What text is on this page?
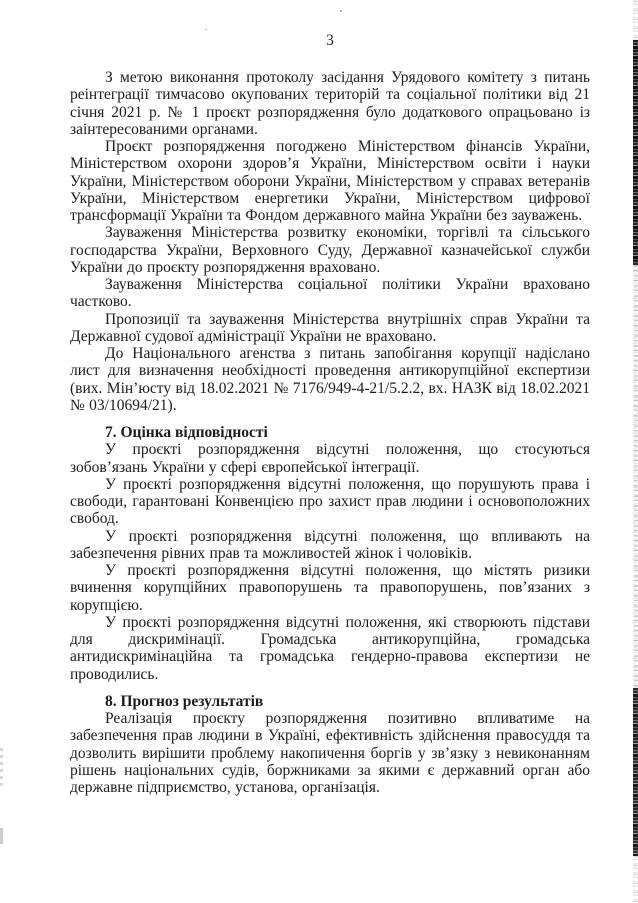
3

З метою виконання протоколу засідання Урядового комітету з питань реінтеграції тимчасово окупованих територій та соціальної політики від 21 січня 2021 р. № 1 проєкт розпорядження було додаткового опрацьовано із заінтересованими органами.

Проєкт розпорядження погоджено Міністерством фінансів України, Міністерством охорони здоров’я України, Міністерством освіти і науки України, Міністерством оборони України, Міністерством у справах ветеранів України, Міністерством енергетики України, Міністерством цифрової трансформації України та Фондом державного майна України без зауважень.

Зауваження Міністерства розвитку економіки, торгівлі та сільського господарства України, Верховного Суду, Державної казначейської служби України до проєкту розпорядження враховано.

Зауваження Міністерства соціальної політики України враховано частково.

Пропозиції та зауваження Міністерства внутрішніх справ України та Державної судової адміністрації України не враховано.

До Національного агенства з питань запобігання корупції надіслано лист для визначення необхідності проведення антикорупційної експертизи (вих. Мін’юсту від 18.02.2021 № 7176/949-4-21/5.2.2, вх. НАЗК від 18.02.2021 № 03/10694/21).

7. Оцінка відповідності

У проєкті розпорядження відсутні положення, що стосуються зобов’язань України у сфері європейської інтеграції.

У проєкті розпорядження відсутні положення, що порушують права і свободи, гарантовані Конвенцією про захист прав людини і основоположних свобод.

У проєкті розпорядження відсутні положення, що впливають на забезпечення рівних прав та можливостей жінок і чоловіків.

У проєкті розпорядження відсутні положення, що містять ризики вчинення корупційних правопорушень та правопорушень, пов’язаних з корупцією.

У проєкті розпорядження відсутні положення, які створюють підстави для дискримінації. Громадська антикорупційна, громадська антидискримінаційна та громадська гендерно-правова експертизи не проводились.

8. Прогноз результатів

Реалізація проєкту розпорядження позитивно впливатиме на забезпечення прав людини в Україні, ефективність здійснення правосуддя та дозволить вирішити проблему накопичення боргів у зв’язку з невиконанням рішень національних судів, боржниками за якими є державний орган або державне підприємство, установа, організація.
